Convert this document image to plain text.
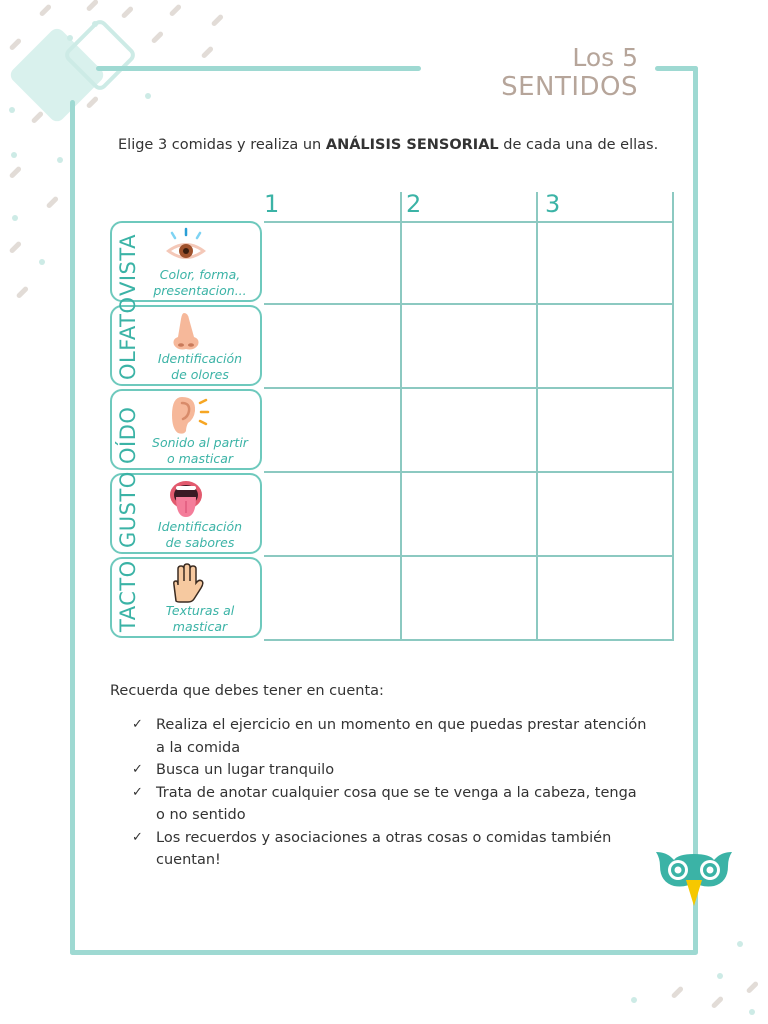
Los 5
SENTIDOS
Elige 3 comidas y realiza un ANÁLISIS SENSORIAL de cada una de ellas.
1	2	3
VISTA	Color, forma,
presentacion...
OLFATO	Identificación
de olores
OÍDO Sonido al partir
o masticar
GUSTO	Identificación
de sabores
TACTO	Texturas al
masticar
Recuerda que debes tener en cuenta:
✓ Realiza el ejercicio en un momento en que puedas prestar atención
a la comida
✓ Busca un lugar tranquilo
✓ Trata de anotar cualquier cosa que se te venga a la cabeza, tenga
o no sentido
✓ Los recuerdos y asociaciones a otras cosas o comidas también
cuentan!
